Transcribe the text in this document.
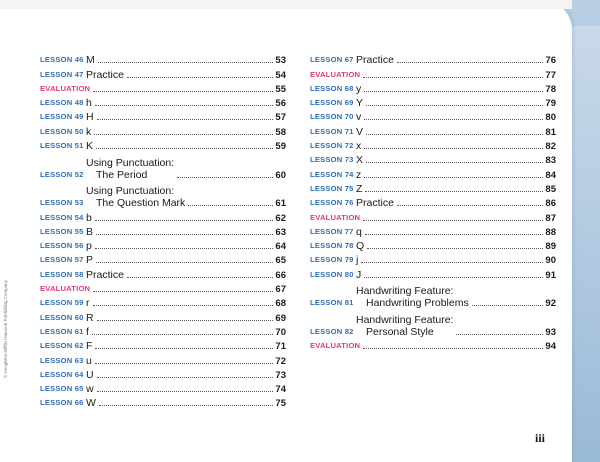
LESSON 46 M	53
LESSON 47 Practice	54
EVALUATION	55
LESSON 48 h	56
LESSON 49 H	57
LESSON 50 k	58
LESSON 51 K	59
LESSON 52
Using Punctuation:
The Period	60
LESSON 53
Using Punctuation:
The Question Mark	61
LESSON 54 b	62
LESSON 55 B	63
LESSON 56 p	64
LESSON 57 P	65
LESSON 58 Practice	66
EVALUATION	67
LESSON 59 r	68
LESSON 60 R	69
LESSON 61 f	70
LESSON 62 F	71
LESSON 63 u	72
LESSON 64 U	73
LESSON 65 w	74
LESSON 66 W	75
LESSON 67 Practice	76
EVALUATION	77
LESSON 68 y	78
LESSON 69 Y	79
LESSON 70 v	80
LESSON 71 V	81
LESSON 72 x	82
LESSON 73 X	83
LESSON 74 z	84
LESSON 75 Z	85
LESSON 76 Practice	86
EVALUATION	87
LESSON 77 q	88
LESSON 78 Q	89
LESSON 79 j	90
LESSON 80 J	91
LESSON 81
Handwriting Feature:
Handwriting Problems	92
LESSON 82
Handwriting Feature:
Personal Style	93
EVALUATION	94
© Houghton Mifflin Harcourt Publishing Company
iii
